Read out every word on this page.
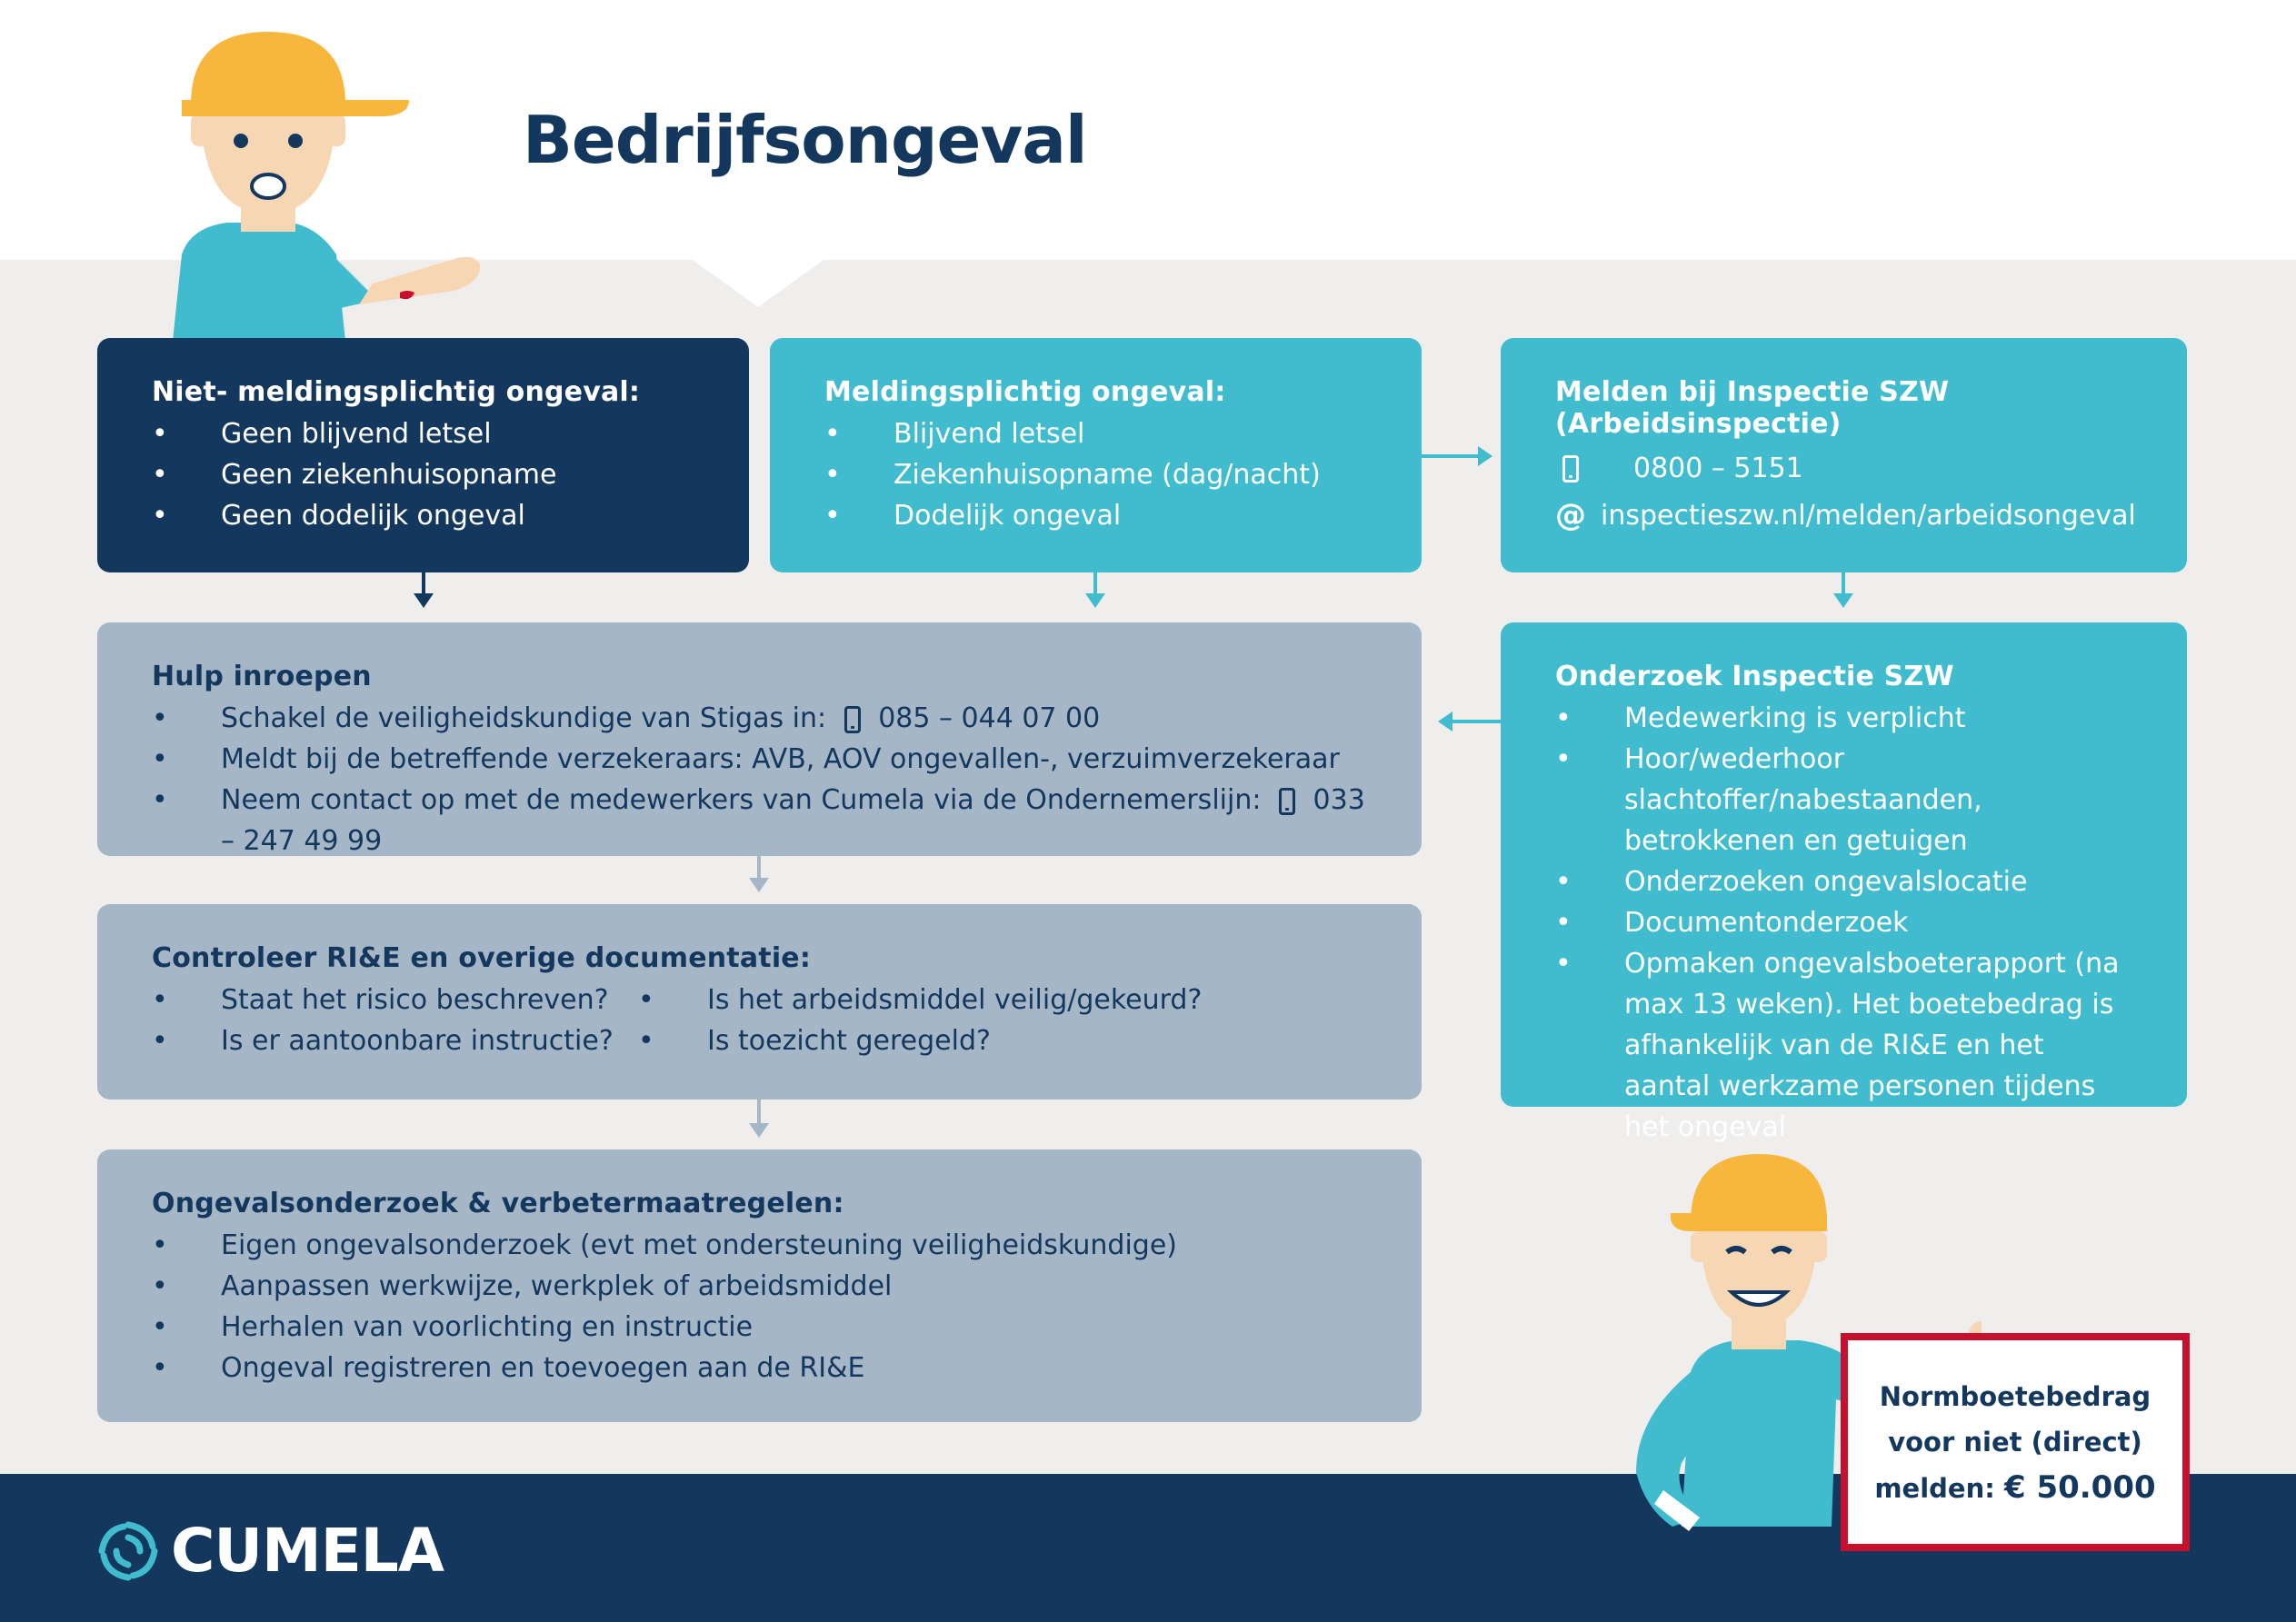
Bedrijfsongeval
Niet- meldingsplichtig ongeval:
• Geen blijvend letsel
• Geen ziekenhuisopname
• Geen dodelijk ongeval
Meldingsplichtig ongeval:
• Blijvend letsel
• Ziekenhuisopname (dag/nacht)
• Dodelijk ongeval
Melden bij Inspectie SZW (Arbeidsinspectie)
0800 – 5151
@ inspectieszw.nl/melden/arbeidsongeval
Hulp inroepen
• Schakel de veiligheidskundige van Stigas in: 085 – 044 07 00
• Meldt bij de betreffende verzekeraars: AVB, AOV ongevallen-, verzuimverzekeraar
• Neem contact op met de medewerkers van Cumela via de Ondernemerslijn: 033 – 247 49 99
Onderzoek Inspectie SZW
• Medewerking is verplicht
• Hoor/wederhoor slachtoffer/nabestaanden, betrokkenen en getuigen
• Onderzoeken ongevalslocatie
• Documentonderzoek
• Opmaken ongevalsboeterapport (na max 13 weken). Het boetebedrag is afhankelijk van de RI&E en het aantal werkzame personen tijdens het ongeval
Controleer RI&E en overige documentatie:
• Staat het risico beschreven?
• Is er aantoonbare instructie?
• Is het arbeidsmiddel veilig/gekeurd?
• Is toezicht geregeld?
Ongevalsonderzoek & verbetermaatregelen:
• Eigen ongevalsonderzoek (evt met ondersteuning veiligheidskundige)
• Aanpassen werkwijze, werkplek of arbeidsmiddel
• Herhalen van voorlichting en instructie
• Ongeval registreren en toevoegen aan de RI&E
CUMELA

Normboetebedrag
voor niet (direct)
melden: € 50.000
